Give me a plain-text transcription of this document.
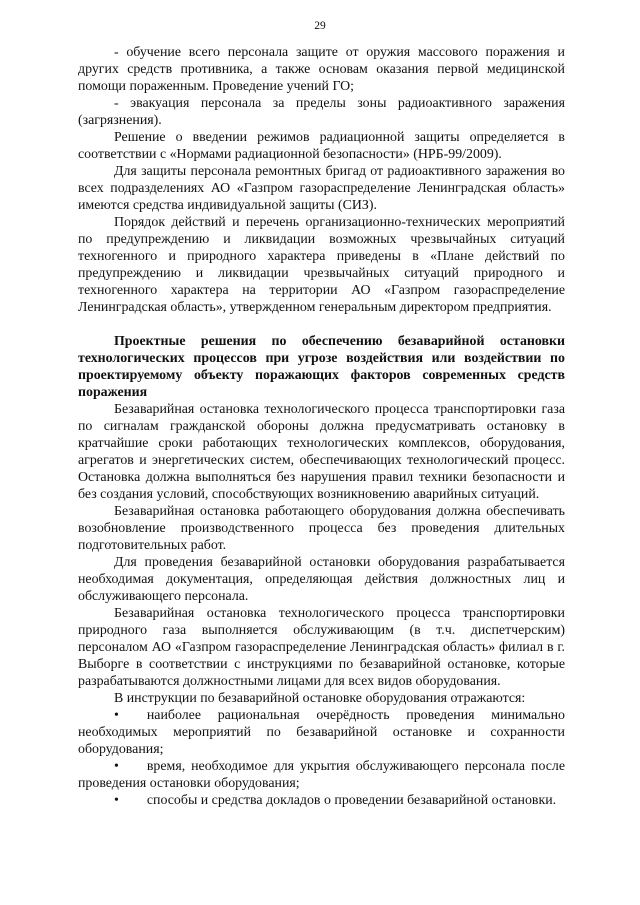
29

- обучение всего персонала защите от оружия массового поражения и других средств противника, а также основам оказания первой медицинской помощи пораженным. Проведение учений ГО;

- эвакуация персонала за пределы зоны радиоактивного заражения (загрязнения).

Решение о введении режимов радиационной защиты определяется в соответствии с «Нормами радиационной безопасности» (НРБ-99/2009).

Для защиты персонала ремонтных бригад от радиоактивного заражения во всех подразделениях АО «Газпром газораспределение Ленинградская область» имеются средства индивидуальной защиты (СИЗ).

Порядок действий и перечень организационно-технических мероприятий по предупреждению и ликвидации возможных чрезвычайных ситуаций техногенного и природного характера приведены в «Плане действий по предупреждению и ликвидации чрезвычайных ситуаций природного и техногенного характера на территории АО «Газпром газораспределение Ленинградская область», утвержденном генеральным директором предприятия.

Проектные решения по обеспечению безаварийной остановки технологических процессов при угрозе воздействия или воздействии по проектируемому объекту поражающих факторов современных средств поражения

Безаварийная остановка технологического процесса транспортировки газа по сигналам гражданской обороны должна предусматривать остановку в кратчайшие сроки работающих технологических комплексов, оборудования, агрегатов и энергетических систем, обеспечивающих технологический процесс. Остановка должна выполняться без нарушения правил техники безопасности и без создания условий, способствующих возникновению аварийных ситуаций.

Безаварийная остановка работающего оборудования должна обеспечивать возобновление производственного процесса без проведения длительных подготовительных работ.

Для проведения безаварийной остановки оборудования разрабатывается необходимая документация, определяющая действия должностных лиц и обслуживающего персонала.

Безаварийная остановка технологического процесса транспортировки природного газа выполняется обслуживающим (в т.ч. диспетчерским) персоналом АО «Газпром газораспределение Ленинградская область» филиал в г. Выборге в соответствии с инструкциями по безаварийной остановке, которые разрабатываются должностными лицами для всех видов оборудования.

В инструкции по безаварийной остановке оборудования отражаются:

• наиболее рациональная очерёдность проведения минимально необходимых мероприятий по безаварийной остановке и сохранности оборудования;

• время, необходимое для укрытия обслуживающего персонала после проведения остановки оборудования;

• способы и средства докладов о проведении безаварийной остановки.
